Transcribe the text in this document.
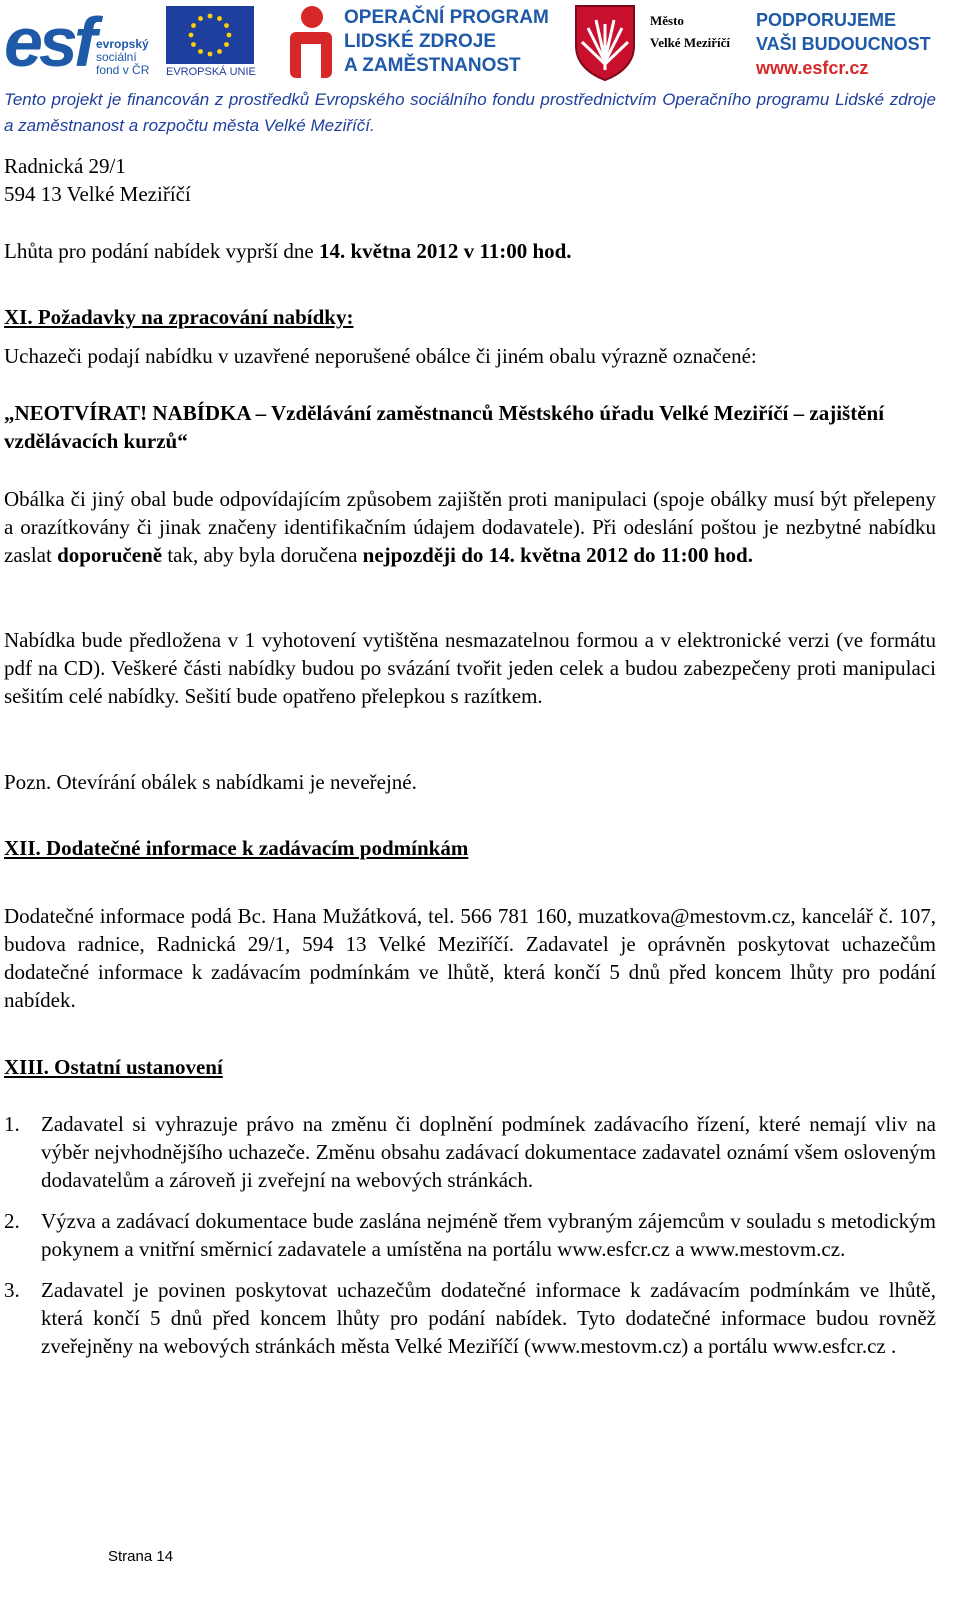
esf evropský
sociální
fond v ČR	EVROPSKÁ UNIE
OPERAČNÍ PROGRAM
LIDSKÉ ZDROJE
A ZAMĚSTNANOST
Město
Velké Meziříčí
PODPORUJEME
VAŠI BUDOUCNOST
www.esfcr.cz

Tento projekt je financován z prostředků Evropského sociálního fondu prostřednictvím Operačního programu Lidské zdroje a zaměstnanost a rozpočtu města Velké Meziříčí.

Radnická 29/1
594 13 Velké Meziříčí

Lhůta pro podání nabídek vyprší dne 14. května 2012 v 11:00 hod.

XI. Požadavky na zpracování nabídky:

Uchazeči podají nabídku v uzavřené neporušené obálce či jiném obalu výrazně označené:

„NEOTVÍRAT! NABÍDKA – Vzdělávání zaměstnanců Městského úřadu Velké Meziříčí – zajištění vzdělávacích kurzů“

Obálka či jiný obal bude odpovídajícím způsobem zajištěn proti manipulaci (spoje obálky musí být přelepeny a orazítkovány či jinak značeny identifikačním údajem dodavatele). Při odeslání poštou je nezbytné nabídku zaslat doporučeně tak, aby byla doručena nejpozději do 14. května 2012 do 11:00 hod.

Nabídka bude předložena v 1 vyhotovení vytištěna nesmazatelnou formou a v elektronické verzi (ve formátu pdf na CD). Veškeré části nabídky budou po svázání tvořit jeden celek a budou zabezpečeny proti manipulaci sešitím celé nabídky. Sešití bude opatřeno přelepkou s razítkem.

Pozn. Otevírání obálek s nabídkami je neveřejné.

XII. Dodatečné informace k zadávacím podmínkám

Dodatečné informace podá Bc. Hana Mužátková, tel. 566 781 160, muzatkova@mestovm.cz, kancelář č. 107, budova radnice, Radnická 29/1, 594 13 Velké Meziříčí. Zadavatel je oprávněn poskytovat uchazečům dodatečné informace k zadávacím podmínkám ve lhůtě, která končí 5 dnů před koncem lhůty pro podání nabídek.

XIII. Ostatní ustanovení

1. Zadavatel si vyhrazuje právo na změnu či doplnění podmínek zadávacího řízení, které nemají vliv na výběr nejvhodnějšího uchazeče. Změnu obsahu zadávací dokumentace zadavatel oznámí všem osloveným dodavatelům a zároveň ji zveřejní na webových stránkách.
2. Výzva a zadávací dokumentace bude zaslána nejméně třem vybraným zájemcům v souladu s metodickým pokynem a vnitřní směrnicí zadavatele a umístěna na portálu www.esfcr.cz a www.mestovm.cz.
3. Zadavatel je povinen poskytovat uchazečům dodatečné informace k zadávacím podmínkám ve lhůtě, která končí 5 dnů před koncem lhůty pro podání nabídek. Tyto dodatečné informace budou rovněž zveřejněny na webových stránkách města Velké Meziříčí (www.mestovm.cz) a portálu www.esfcr.cz .
Strana 14
